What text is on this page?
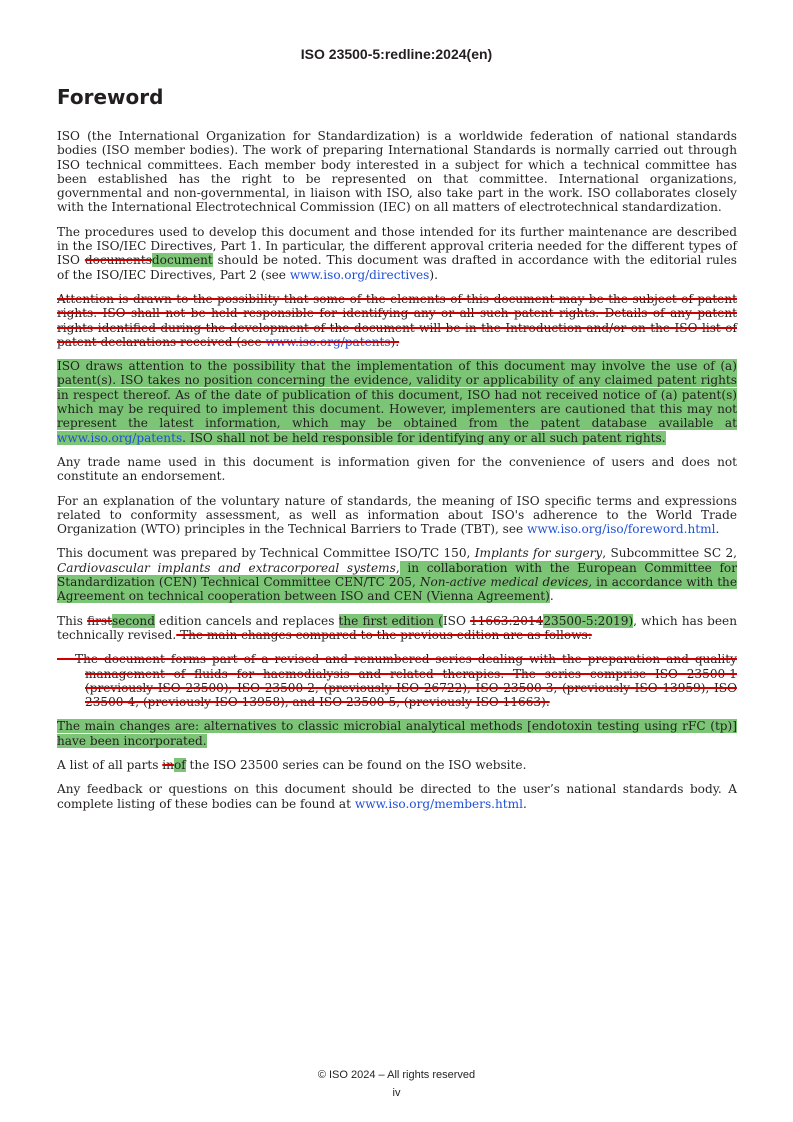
ISO 23500-5:redline:2024(en)
Foreword

ISO (the International Organization for Standardization) is a worldwide federation of national standards bodies (ISO member bodies). The work of preparing International Standards is normally carried out through ISO technical committees. Each member body interested in a subject for which a technical committee has been established has the right to be represented on that committee. International organizations, governmental and non-governmental, in liaison with ISO, also take part in the work. ISO collaborates closely with the International Electrotechnical Commission (IEC) on all matters of electrotechnical standardization.

The procedures used to develop this document and those intended for its further maintenance are described in the ISO/IEC Directives, Part 1. In particular, the different approval criteria needed for the different types of ISO documentsdocument should be noted. This document was drafted in accordance with the editorial rules of the ISO/IEC Directives, Part 2 (see www.iso.org/directives).

Attention is drawn to the possibility that some of the elements of this document may be the subject of patent rights. ISO shall not be held responsible for identifying any or all such patent rights. Details of any patent rights identified during the development of the document will be in the Introduction and/or on the ISO list of patent declarations received (see www.iso.org/patents).

ISO draws attention to the possibility that the implementation of this document may involve the use of (a) patent(s). ISO takes no position concerning the evidence, validity or applicability of any claimed patent rights in respect thereof. As of the date of publication of this document, ISO had not received notice of (a) patent(s) which may be required to implement this document. However, implementers are cautioned that this may not represent the latest information, which may be obtained from the patent database available at www.iso.org/patents. ISO shall not be held responsible for identifying any or all such patent rights.

Any trade name used in this document is information given for the convenience of users and does not constitute an endorsement.

For an explanation of the voluntary nature of standards, the meaning of ISO specific terms and expressions related to conformity assessment, as well as information about ISO's adherence to the World Trade Organization (WTO) principles in the Technical Barriers to Trade (TBT), see www.iso.org/iso/foreword.html.

This document was prepared by Technical Committee ISO/TC 150, Implants for surgery, Subcommittee SC 2, Cardiovascular implants and extracorporeal systems, in collaboration with the European Committee for Standardization (CEN) Technical Committee CEN/TC 205, Non-active medical devices, in accordance with the Agreement on technical cooperation between ISO and CEN (Vienna Agreement).

This firstsecond edition cancels and replaces the first edition (ISO 11663:201423500-5:2019), which has been technically revised. The main changes compared to the previous edition are as follows:

— The document forms part of a revised and renumbered series dealing with the preparation and quality management of fluids for haemodialysis and related therapies. The series comprise ISO 23500-1 (previously ISO 23500), ISO 23500-2, (previously ISO 26722), ISO 23500-3, (previously ISO 13959), ISO 23500-4, (previously ISO 13958), and ISO 23500-5, (previously ISO 11663).

The main changes are: alternatives to classic microbial analytical methods [endotoxin testing using rFC (tp)] have been incorporated.

A list of all parts inof the ISO 23500 series can be found on the ISO website.

Any feedback or questions on this document should be directed to the user’s national standards body. A complete listing of these bodies can be found at www.iso.org/members.html.

© ISO 2024 – All rights reserved
iv
